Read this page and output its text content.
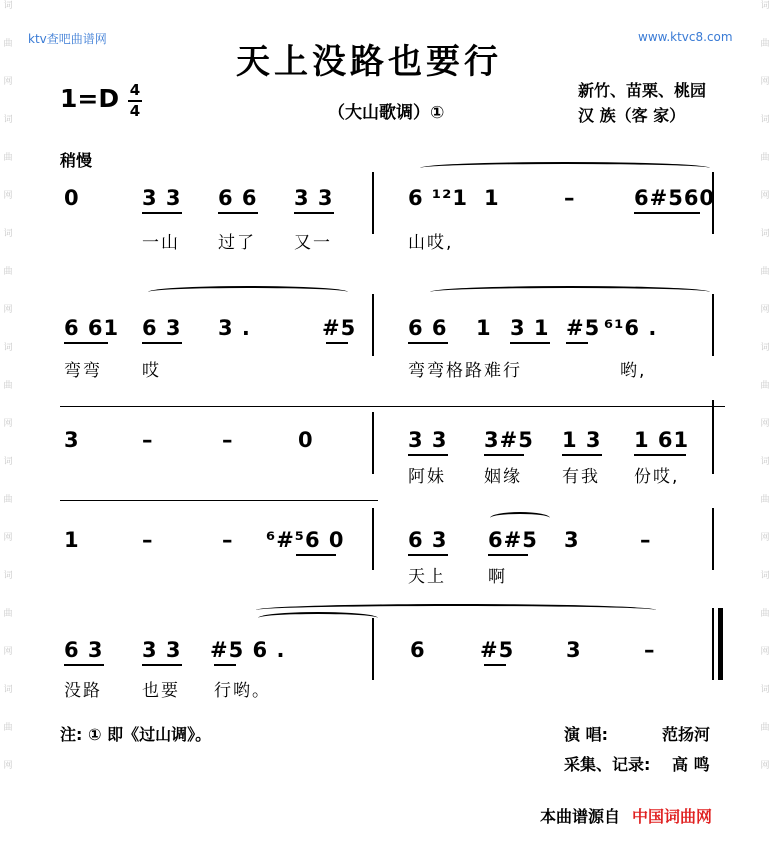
词
曲
网
词
曲
网
词
曲
网
词
曲
网
词
曲
网
词
曲
网
词
曲
网
词
曲
网
词
曲
网
词
曲
网
词
曲
网
词
曲
网
词
曲
网
词
曲
网
ktv查吧曲谱网	www.ktvc8.com
天上没路也要行
（大山歌调）①
1=D 4
4
新竹、苗栗、桃园
汉 族（客 家）
稍慢
0	3 3 6 6 3 3	6 ¹²1 1	–	6#560
一山 过了 又一	山哎,
6 61 6 3 3 .	#5 6 6 1 3 1 #5 ⁶¹6 .
弯弯 哎	弯弯格路难行	哟,
3	–	–	0	3 3 3#5 1 3 1 61
阿妹 姻缘 有我 份哎,
1	–	– ⁶#⁵6 0	6 3 6#5 3	–
天上 啊
6 3 3 3 #5 6 .	6	#5 3	–
没路 也要 行哟。
注: ① 即《过山调》。	演 唱:	范扬河
采集、记录: 高 鸣
本曲谱源自 中国词曲网
